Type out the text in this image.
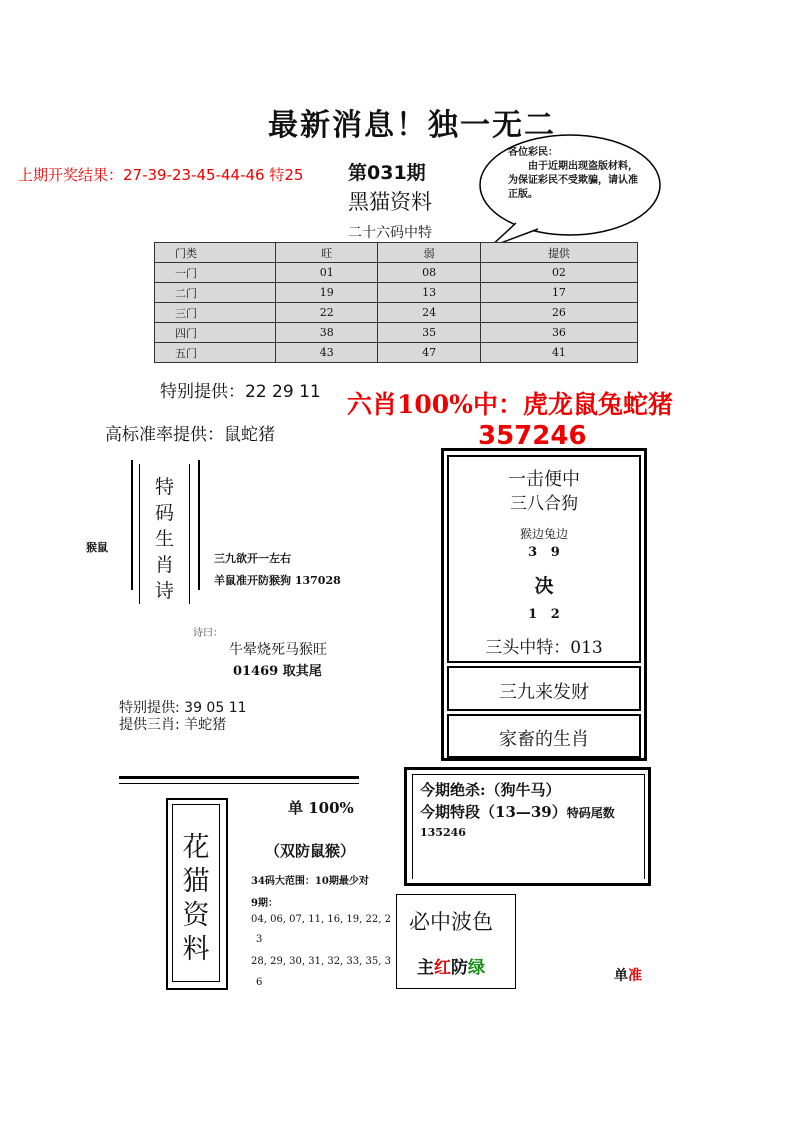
最新消息！独一无二
上期开奖结果：27-39-23-45-44-46 特25 第031期
黑猫资料
二十六码中特
各位彩民：
由于近期出现盗版材料，为保证彩民不受欺骗，请认准正版。
门类	旺	弱	提供
一门	01	08	02
二门	19	13	17
三门	22	24	26
四门	38	35	36
五门	43	47	41
特别提供：22 29 11 六肖100%中：虎龙鼠兔蛇猪
357246
高标准率提供：鼠蛇猪
特
码
生
肖
诗
猴鼠
三九欲开一左右
羊鼠准开防猴狗 137028
诗曰：
牛晕烧死马猴旺
01469 取其尾
特别提供: 39 05 11
提供三肖: 羊蛇猪
一击便中
三八合狗
猴边兔边
3   9
决
1   2
三头中特：013
三九来发财
家畜的生肖
花
猫
资
料
单 100%
（双防鼠猴）
34码大范围：10期最少对
9期：
04, 06, 07, 11, 16, 19, 22, 2
3
28, 29, 30, 31, 32, 33, 35, 3
6
今期绝杀:（狗牛马）
今期特段（13—39）特码尾数
135246
必中波色
主红防绿	单准
